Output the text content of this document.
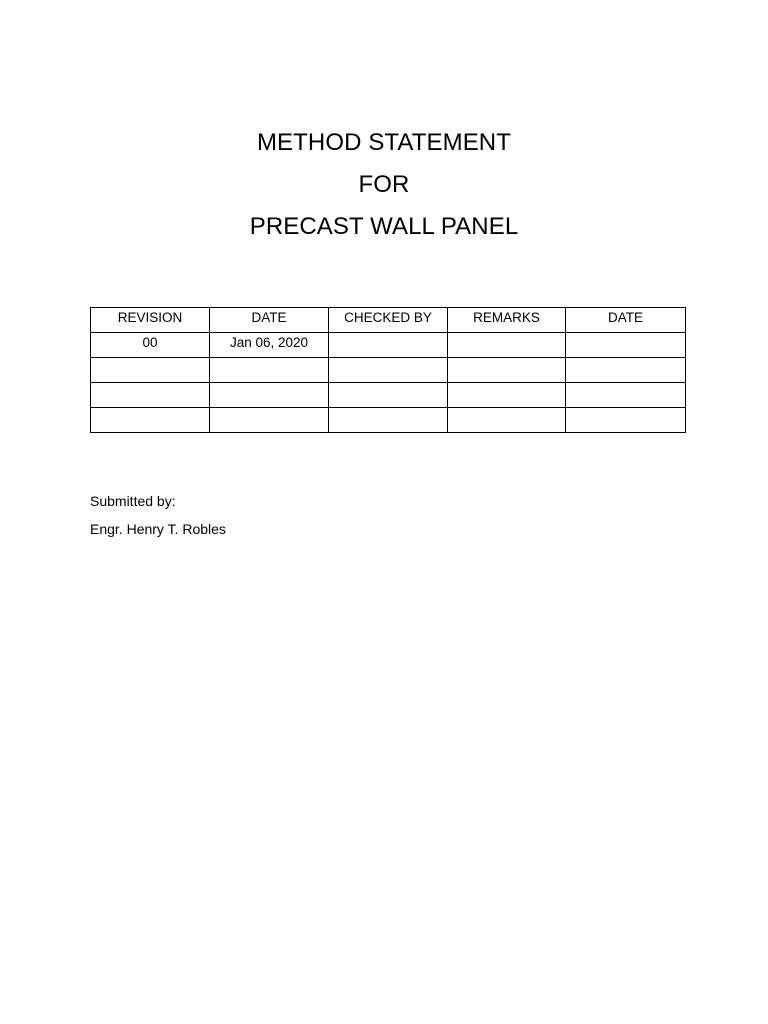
METHOD STATEMENT
FOR
PRECAST WALL PANEL
REVISION	DATE	CHECKED BY	REMARKS	DATE
00	Jan 06, 2020			

Submitted by:
Engr. Henry T. Robles
